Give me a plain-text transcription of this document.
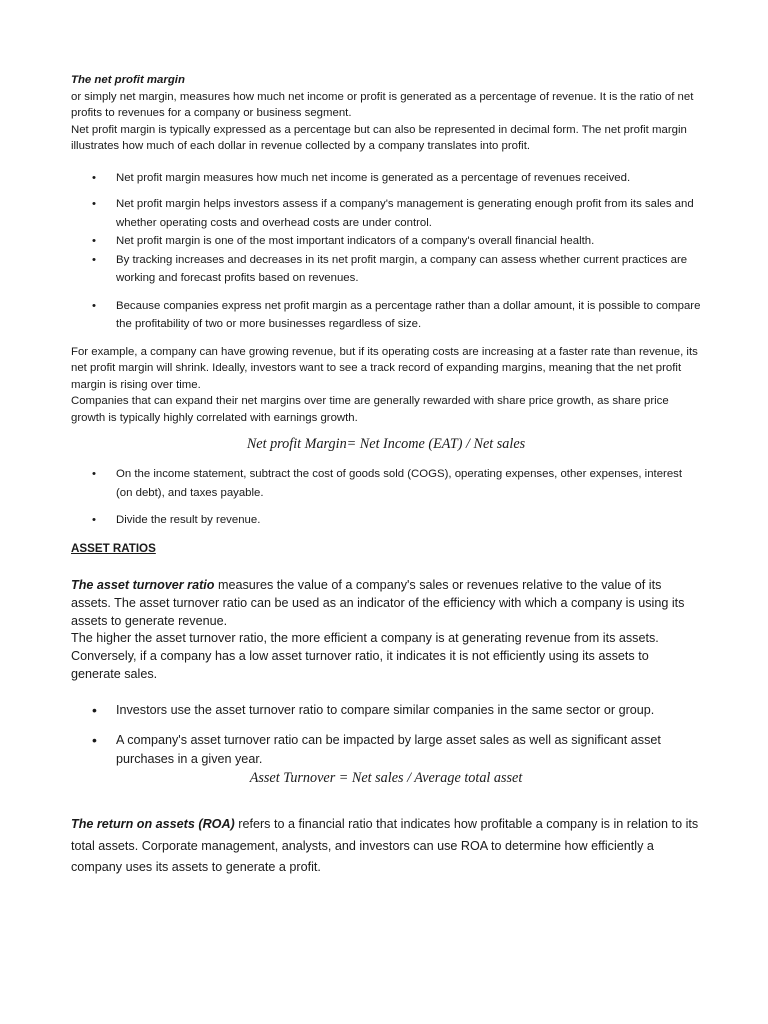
The net profit margin

or simply net margin, measures how much net income or profit is generated as a percentage of revenue. It is the ratio of net profits to revenues for a company or business segment.

Net profit margin is typically expressed as a percentage but can also be represented in decimal form. The net profit margin illustrates how much of each dollar in revenue collected by a company translates into profit.

• Net profit margin measures how much net income is generated as a percentage of revenues received.
• Net profit margin helps investors assess if a company's management is generating enough profit from its sales and whether operating costs and overhead costs are under control.
• Net profit margin is one of the most important indicators of a company's overall financial health.
• By tracking increases and decreases in its net profit margin, a company can assess whether current practices are working and forecast profits based on revenues.
• Because companies express net profit margin as a percentage rather than a dollar amount, it is possible to compare the profitability of two or more businesses regardless of size.

For example, a company can have growing revenue, but if its operating costs are increasing at a faster rate than revenue, its net profit margin will shrink. Ideally, investors want to see a track record of expanding margins, meaning that the net profit margin is rising over time.

Companies that can expand their net margins over time are generally rewarded with share price growth, as share price growth is typically highly correlated with earnings growth.

Net profit Margin= Net Income (EAT) / Net sales

• On the income statement, subtract the cost of goods sold (COGS), operating expenses, other expenses, interest (on debt), and taxes payable.
• Divide the result by revenue.

ASSET RATIOS

The asset turnover ratio measures the value of a company's sales or revenues relative to the value of its assets. The asset turnover ratio can be used as an indicator of the efficiency with which a company is using its assets to generate revenue.

The higher the asset turnover ratio, the more efficient a company is at generating revenue from its assets. Conversely, if a company has a low asset turnover ratio, it indicates it is not efficiently using its assets to generate sales.

• Investors use the asset turnover ratio to compare similar companies in the same sector or group.
• A company's asset turnover ratio can be impacted by large asset sales as well as significant asset purchases in a given year.

Asset Turnover = Net sales / Average total asset

The return on assets (ROA) refers to a financial ratio that indicates how profitable a company is in relation to its total assets. Corporate management, analysts, and investors can use ROA to determine how efficiently a

company uses its assets to generate a profit.
